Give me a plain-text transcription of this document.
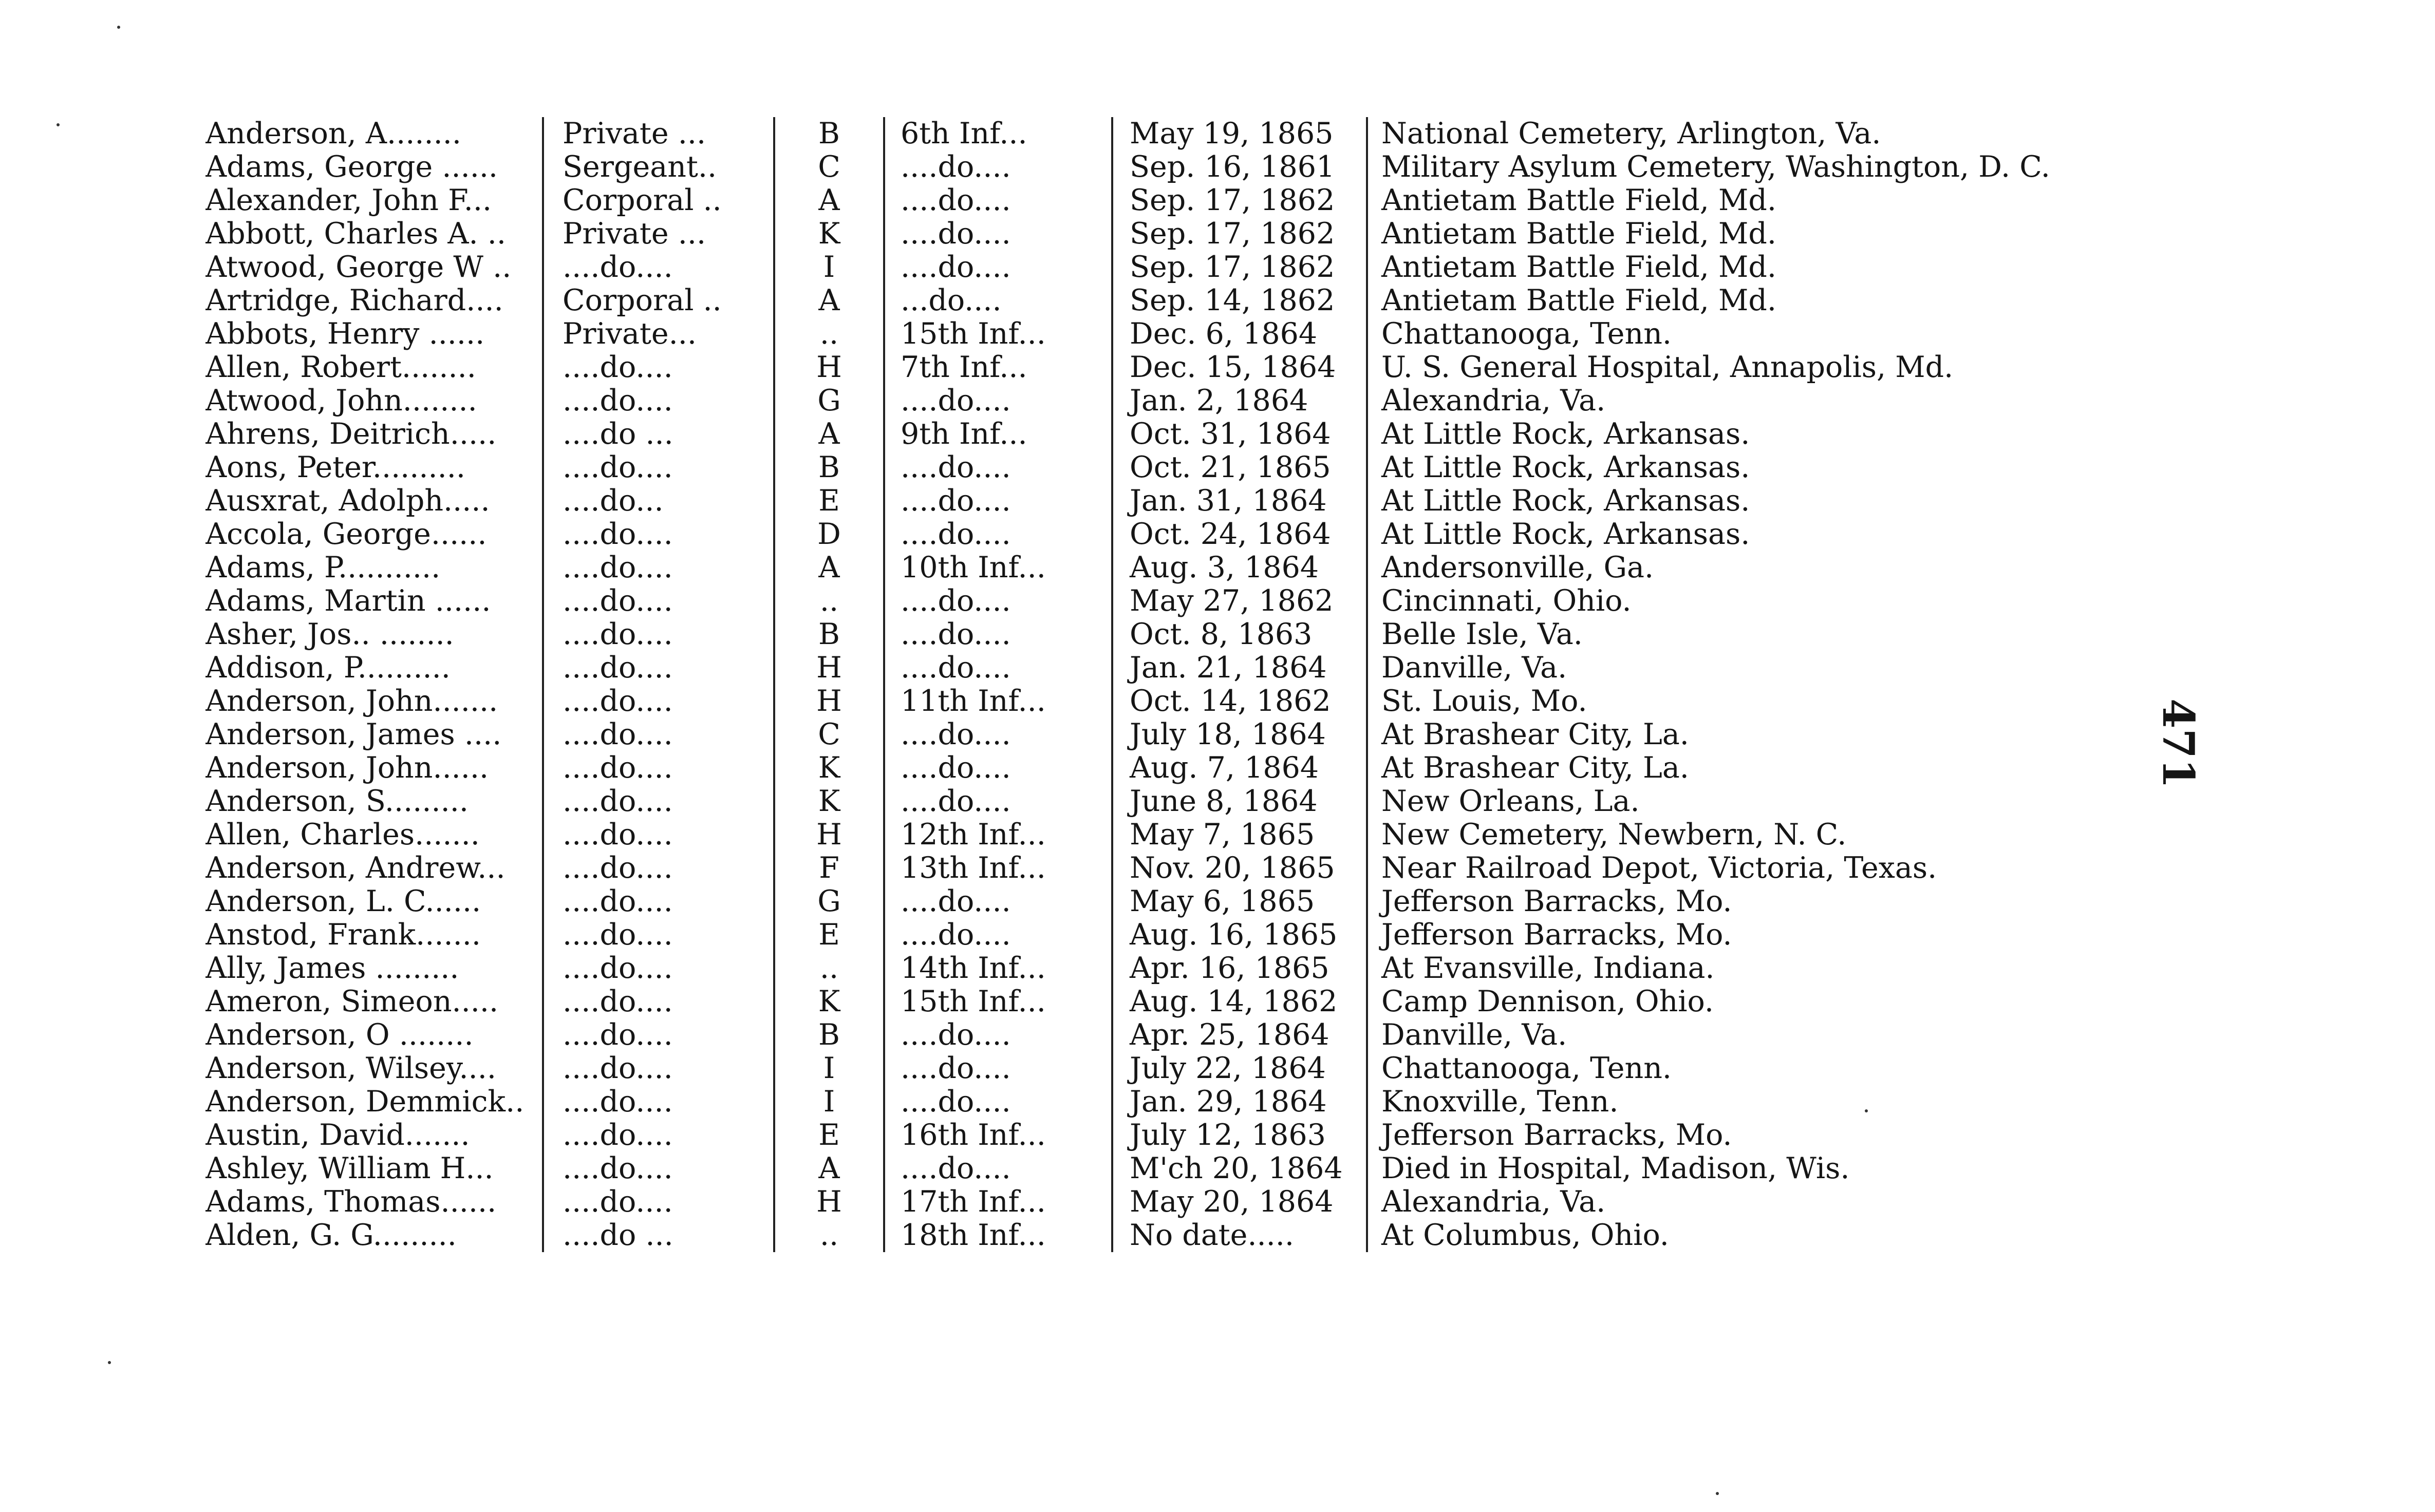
Anderson, A........	Private ...	B	6th Inf...	May 19, 1865	National Cemetery, Arlington, Va.
Adams, George ......	Sergeant..	C	....do....	Sep. 16, 1861	Military Asylum Cemetery, Washington, D. C.
Alexander, John F...	Corporal ..	A	....do....	Sep. 17, 1862	Antietam Battle Field, Md.
Abbott, Charles A. ..	Private ...	K	....do....	Sep. 17, 1862	Antietam Battle Field, Md.
Atwood, George W ..	....do....	I	....do....	Sep. 17, 1862	Antietam Battle Field, Md.
Artridge, Richard....	Corporal ..	A	...do....	Sep. 14, 1862	Antietam Battle Field, Md.
Abbots, Henry ......	Private...	..	15th Inf...	Dec. 6, 1864	Chattanooga, Tenn.
Allen, Robert........	....do....	H	7th Inf...	Dec. 15, 1864	U. S. General Hospital, Annapolis, Md.
Atwood, John........	....do....	G	....do....	Jan. 2, 1864	Alexandria, Va.
Ahrens, Deitrich.....	....do ...	A	9th Inf...	Oct. 31, 1864	At Little Rock, Arkansas.
Aons, Peter..........	....do....	B	....do....	Oct. 21, 1865	At Little Rock, Arkansas.
Ausxrat, Adolph.....	....do...	E	....do....	Jan. 31, 1864	At Little Rock, Arkansas.
Accola, George......	....do....	D	....do....	Oct. 24, 1864	At Little Rock, Arkansas.
Adams, P...........	....do....	A	10th Inf...	Aug. 3, 1864	Andersonville, Ga.
Adams, Martin ......	....do....	..	....do....	May 27, 1862	Cincinnati, Ohio.
Asher, Jos.. ........	....do....	B	....do....	Oct. 8, 1863	Belle Isle, Va.
Addison, P..........	....do....	H	....do....	Jan. 21, 1864	Danville, Va.
Anderson, John.......	....do....	H	11th Inf...	Oct. 14, 1862	St. Louis, Mo.
Anderson, James ....	....do....	C	....do....	July 18, 1864	At Brashear City, La.
Anderson, John......	....do....	K	....do....	Aug. 7, 1864	At Brashear City, La.
Anderson, S.........	....do....	K	....do....	June 8, 1864	New Orleans, La.
Allen, Charles.......	....do....	H	12th Inf...	May 7, 1865	New Cemetery, Newbern, N. C.
Anderson, Andrew...	....do....	F	13th Inf...	Nov. 20, 1865	Near Railroad Depot, Victoria, Texas.
Anderson, L. C......	....do....	G	....do....	May 6, 1865	Jefferson Barracks, Mo.
Anstod, Frank.......	....do....	E	....do....	Aug. 16, 1865	Jefferson Barracks, Mo.
Ally, James .........	....do....	..	14th Inf...	Apr. 16, 1865	At Evansville, Indiana.
Ameron, Simeon.....	....do....	K	15th Inf...	Aug. 14, 1862	Camp Dennison, Ohio.
Anderson, O ........	....do....	B	....do....	Apr. 25, 1864	Danville, Va.
Anderson, Wilsey....	....do....	I	....do....	July 22, 1864	Chattanooga, Tenn.
Anderson, Demmick..	....do....	I	....do....	Jan. 29, 1864	Knoxville, Tenn.
Austin, David.......	....do....	E	16th Inf...	July 12, 1863	Jefferson Barracks, Mo.
Ashley, William H...	....do....	A	....do....	M'ch 20, 1864	Died in Hospital, Madison, Wis.
Adams, Thomas......	....do....	H	17th Inf...	May 20, 1864	Alexandria, Va.
Alden, G. G.........	....do ...	..	18th Inf...	No date.....	At Columbus, Ohio.
471
